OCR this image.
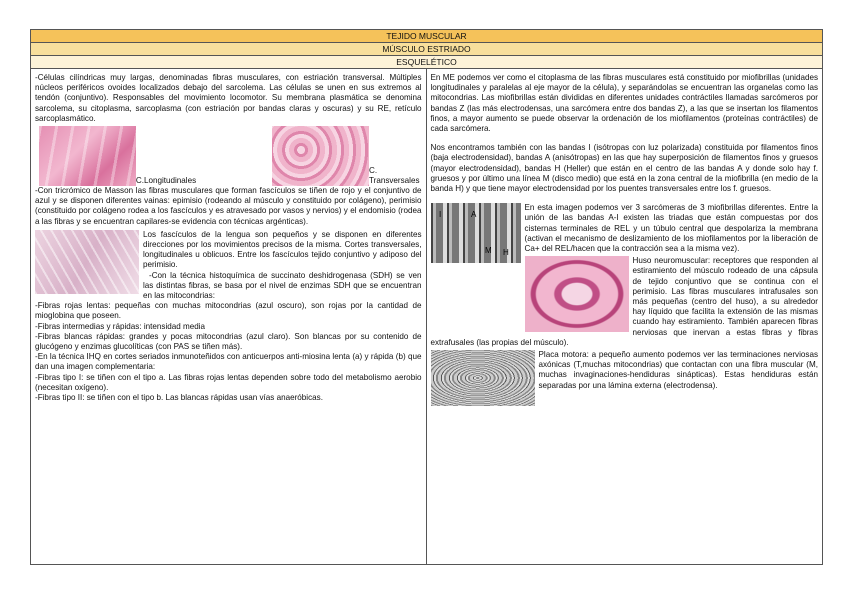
TEJIDO MUSCULAR
MÚSCULO ESTRIADO
ESQUELÉTICO

-Células cilíndricas muy largas, denominadas fibras musculares, con estriación transversal. Múltiples núcleos periféricos ovoides localizados debajo del sarcolema. Las células se unen en sus extremos al tendón (conjuntivo). Responsables del movimiento locomotor. Su membrana plasmática se denomina sarcolema, su citoplasma, sarcoplasma (con estriación por bandas claras y oscuras) y su RE, retículo sarcoplasmático.

C.Longitudinales
C. Transversales

-Con tricrómico de Masson las fibras musculares que forman fascículos se tiñen de rojo y el conjuntivo de azul y se disponen diferentes vainas: epimisio (rodeando al músculo y constituido por colágeno), perimisio (constituido por colágeno rodea a los fascículos y es atravesado por vasos y nervios) y el endomisio (rodea a las fibras y se encuentran capilares-se evidencia con técnicas argénticas).

Los fascículos de la lengua son pequeños y se disponen en diferentes direcciones por los movimientos precisos de la misma. Cortes transversales, longitudinales u oblicuos. Entre los fascículos tejido conjuntivo y adiposo del perimisio.

-Con la técnica histoquímica de succinato deshidrogenasa (SDH) se ven las distintas fibras, se basa por el nivel de enzimas SDH que se encuentran en las mitocondrias:

-Fibras rojas lentas: pequeñas con muchas mitocondrias (azul oscuro), son rojas por la cantidad de mioglobina que poseen.

-Fibras intermedias y rápidas: intensidad media

-Fibras blancas rápidas: grandes y pocas mitocondrias (azul claro). Son blancas por su contenido de glucógeno y enzimas glucolíticas (con PAS se tiñen más).

-En la técnica IHQ en cortes seriados inmunoteñidos con anticuerpos anti-miosina lenta (a) y rápida (b) que dan una imagen complementaria:

-Fibras tipo I: se tiñen con el tipo a. Las fibras rojas lentas dependen sobre todo del metabolismo aerobio (necesitan oxígeno).

-Fibras tipo II: se tiñen con el tipo b. Las blancas rápidas usan vías anaeróbicas.

En ME podemos ver como el citoplasma de las fibras musculares está constituido por miofibrillas (unidades longitudinales y paralelas al eje mayor de la célula), y separándolas se encuentran las organelas como las mitocondrias. Las miofibrillas están divididas en diferentes unidades contráctiles llamadas sarcómeros por bandas Z (las más electrodensas, una sarcómera entre dos bandas Z), a las que se insertan los filamentos finos, a mayor aumento se puede observar la ordenación de los miofilamentos (proteínas contráctiles) de cada sarcómera.

Nos encontramos también con las bandas I (isótropas con luz polarizada) constituida por filamentos finos (baja electrodensidad), bandas A (anisótropas) en las que hay superposición de filamentos finos y gruesos (mayor electrodensidad), bandas H (Heller) que están en el centro de las bandas A y donde solo hay f. gruesos y por último una línea M (disco medio) que está en la zona central de la miofibrilla (en medio de la banda H) y que tiene mayor electrodensidad por los puentes transversales entre los f. gruesos.

I	A
M H

En esta imagen podemos ver 3 sarcómeras de 3 miofibrillas diferentes. Entre la unión de las bandas A-I existen las triadas que están compuestas por dos cisternas terminales de REL y un túbulo central que despolariza la membrana (activan el mecanismo de deslizamiento de los miofilamentos por la liberación de Ca+ del REL/hacen que la contracción sea a la misma vez).

Huso neuromuscular: receptores que responden al estiramiento del músculo rodeado de una cápsula de tejido conjuntivo que se continua con el perimisio. Las fibras musculares intrafusales son más pequeñas (centro del huso), a su alrededor hay líquido que facilita la extensión de las mismas cuando hay estiramiento. También aparecen fibras nerviosas que inervan a estas fibras y fibras extrafusales (las propias del músculo).

Placa motora: a pequeño aumento podemos ver las terminaciones nerviosas axónicas (T,muchas mitocondrias) que contactan con una fibra muscular (M, muchas invaginaciones-hendiduras sinápticas). Estas hendiduras están separadas por una lámina externa (electrodensa).
